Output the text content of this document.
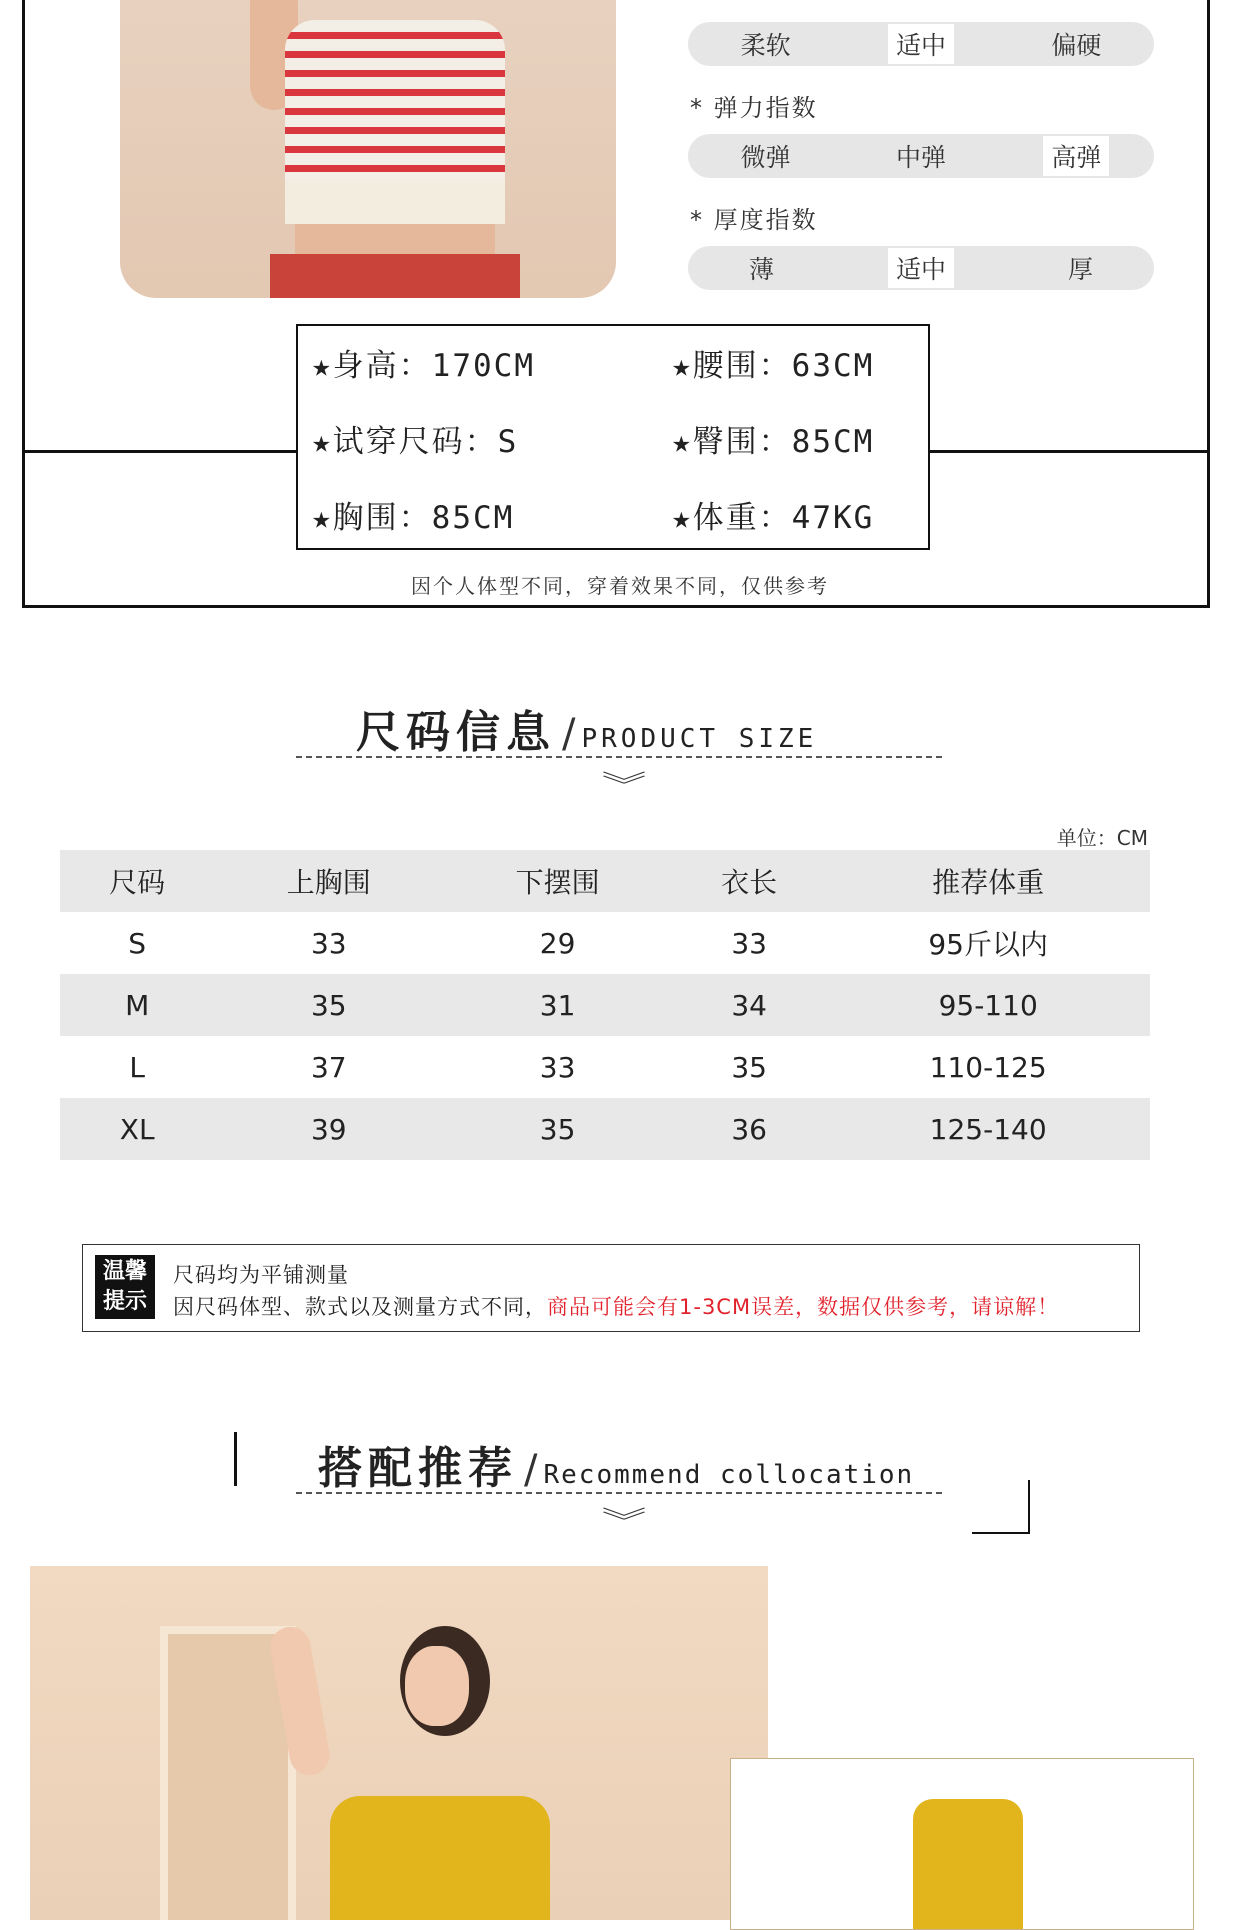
柔软	适中	偏硬
* 弹力指数
微弹	中弹	高弹
* 厚度指数
薄	适中	厚
★身高：170CM	★腰围：63CM
★试穿尺码：S	★臀围：85CM
★胸围：85CM	★体重：47KG
因个人体型不同，穿着效果不同，仅供参考
尺码信息 / PRODUCT SIZE
︾
单位：CM
尺码	上胸围	下摆围	衣长	推荐体重
S	33	29	33	95斤以内
M	35	31	34	95-110
L	37	33	35	110-125
XL	39	35	36	125-140
温馨
提示
尺码均为平铺测量
因尺码体型、款式以及测量方式不同，商品可能会有1-3CM误差，数据仅供参考，请谅解！
搭配推荐 / Recommend collocation
︾
